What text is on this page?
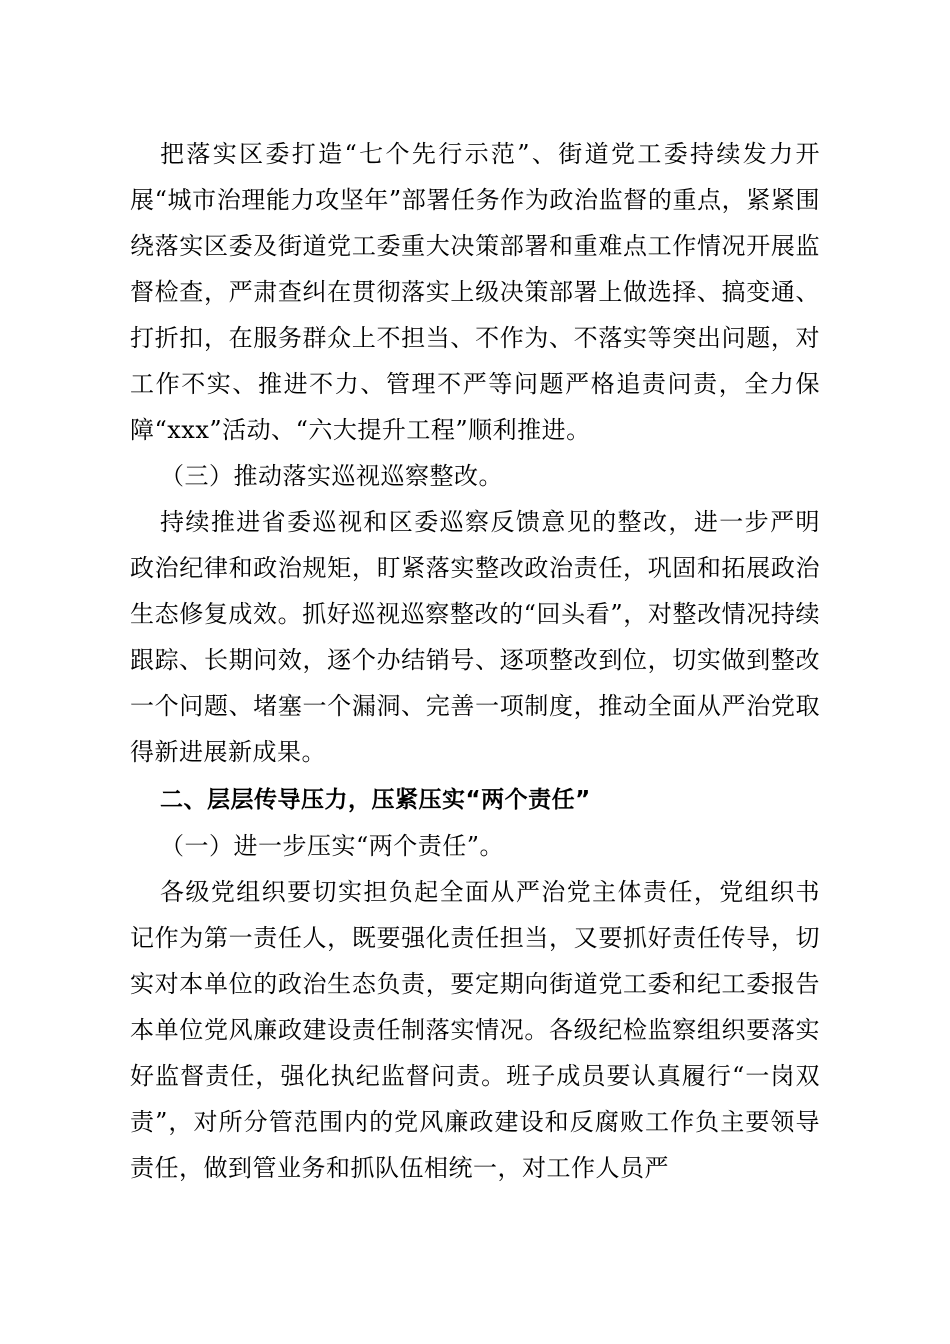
把落实区委打造“七个先行示范”、街道党工委持续发力开展“城市治理能力攻坚年”部署任务作为政治监督的重点，紧紧围绕落实区委及街道党工委重大决策部署和重难点工作情况开展监督检查，严肃查纠在贯彻落实上级决策部署上做选择、搞变通、打折扣，在服务群众上不担当、不作为、不落实等突出问题，对工作不实、推进不力、管理不严等问题严格追责问责，全力保障“xxx”活动、“六大提升工程”顺利推进。

（三）推动落实巡视巡察整改。

持续推进省委巡视和区委巡察反馈意见的整改，进一步严明政治纪律和政治规矩，盯紧落实整改政治责任，巩固和拓展政治生态修复成效。抓好巡视巡察整改的“回头看”，对整改情况持续跟踪、长期问效，逐个办结销号、逐项整改到位，切实做到整改一个问题、堵塞一个漏洞、完善一项制度，推动全面从严治党取得新进展新成果。

二、层层传导压力，压紧压实“两个责任”

（一）进一步压实“两个责任”。

各级党组织要切实担负起全面从严治党主体责任，党组织书记作为第一责任人，既要强化责任担当，又要抓好责任传导，切实对本单位的政治生态负责，要定期向街道党工委和纪工委报告本单位党风廉政建设责任制落实情况。各级纪检监察组织要落实好监督责任，强化执纪监督问责。班子成员要认真履行“一岗双责”，对所分管范围内的党风廉政建设和反腐败工作负主要领导责任，做到管业务和抓队伍相统一，对工作人员严
